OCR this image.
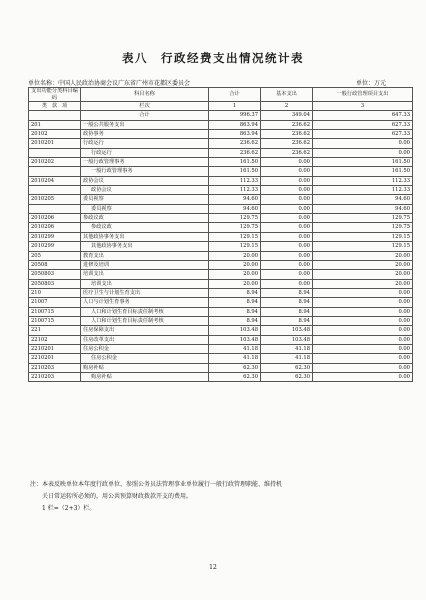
表八　行政经费支出情况统计表
单位名称：中国人民政治协商会议广东省广州市花都区委员会	单位：万元
支出功能分类科目编码	科目名称	合计	基本支出	一般行政管理项目支出
类 款 项				
	栏次	1	2	3
	合计	996.37	349.04	647.33
201	一般公共服务支出	863.94	236.62	627.33
20102	政协事务	863.94	236.62	627.33
2010201	行政运行	236.62	236.62	0.00
	行政运行	236.62	236.62	0.00
2010202	一般行政管理事务	161.50	0.00	161.50
	一般行政管理事务	161.50	0.00	161.50
2010204	政协会议	112.33	0.00	112.33
	政协会议	112.33	0.00	112.33
2010205	委员视察	94.60	0.00	94.60
	委员视察	94.60	0.00	94.60
2010206	参政议政	129.75	0.00	129.75
2010206	参政议政	129.75	0.00	129.75
2010299	其他政协事务支出	129.15	0.00	129.15
2010299	其他政协事务支出	129.15	0.00	129.15
205	教育支出	20.00	0.00	20.00
20508	进修及培训	20.00	0.00	20.00
2050803	培训支出	20.00	0.00	20.00
2050803	培训支出	20.00	0.00	20.00
210	医疗卫生与计划生育支出	8.94	8.94	0.00
21007	人口与计划生育事务	8.94	8.94	0.00
2100715	人口和计划生育目标责任制考核	8.94	8.94	0.00
2100715	人口和计划生育目标责任制考核	8.94	8.94	0.00
221	住房保障支出	103.48	103.48	0.00
22102	住房改革支出	103.48	103.48	0.00
2210201	住房公积金	41.18	41.18	0.00
2210201	住房公积金	41.18	41.18	0.00
2210203	购房补贴	62.30	62.30	0.00
2210203	购房补贴	62.30	62.30	0.00

注：本表反映单位本年度行政单位、参照公务员法管理事业单位履行一般行政管理职能、维持机

关日常运转所必须的，用公共预算财政拨款开支的费用。

1 栏=（2+3）栏。

12
